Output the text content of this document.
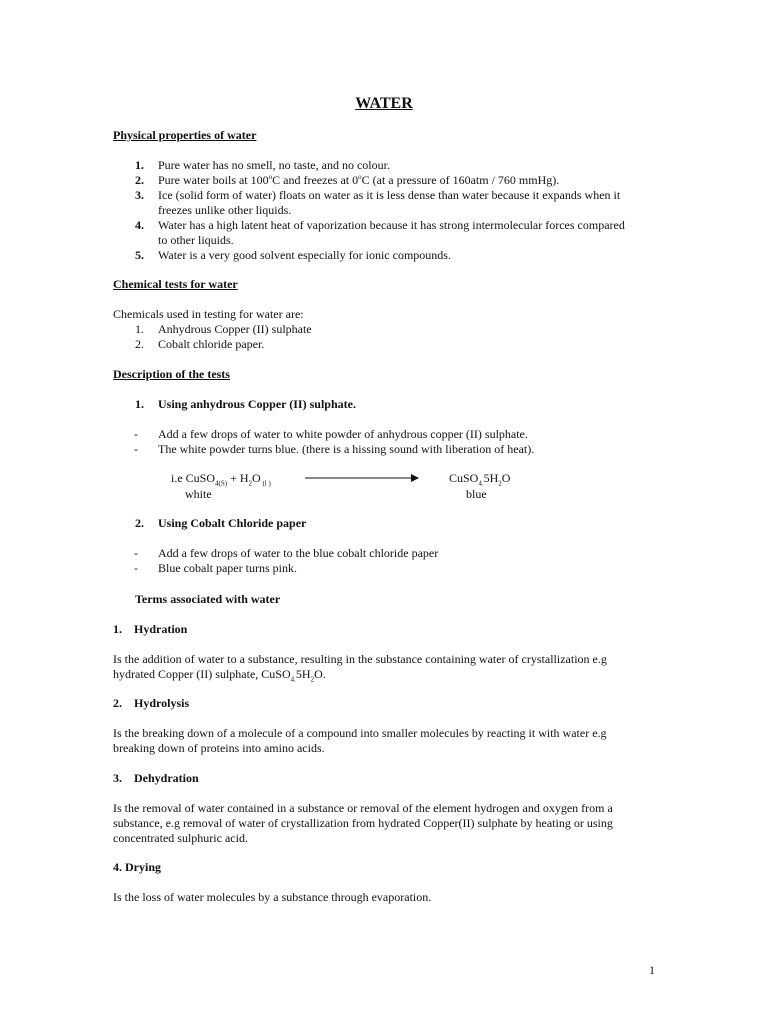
WATER
Physical properties of water
1. Pure water has no smell, no taste, and no colour.
2. Pure water boils at 100$^o$C and freezes at 0$^o$C (at a pressure of 160atm / 760 mmHg).
3. Ice (solid form of water) floats on water as it is less dense than water because it expands when it
freezes unlike other liquids.
4. Water has a high latent heat of vaporization because it has strong intermolecular forces compared
to other liquids.
5. Water is a very good solvent especially for ionic compounds.
Chemical tests for water
Chemicals used in testing for water are:
1. Anhydrous Copper (II) sulphate
2. Cobalt chloride paper.
Description of the tests
1. Using anhydrous Copper (II) sulphate.
- Add a few drops of water to white powder of anhydrous copper (II) sulphate.
- The white powder turns blue. (there is a hissing sound with liberation of heat).
i.e CuSO$_{4(S)}$ + $H_2O$ $_{(l )}$	$CuSO_{4.}5H_2O$
white	blue
2. Using Cobalt Chloride paper
- Add a few drops of water to the blue cobalt chloride paper
- Blue cobalt paper turns pink.
Terms associated with water
1.    Hydration
Is the addition of water to a substance, resulting in the substance containing water of crystallization e.g
hydrated Copper (II) sulphate, $CuSO_{4.}5H_2O$.
2.    Hydrolysis
Is the breaking down of a molecule of a compound into smaller molecules by reacting it with water e.g
breaking down of proteins into amino acids.
3.    Dehydration
Is the removal of water contained in a substance or removal of the element hydrogen and oxygen from a
substance, e.g removal of water of crystallization from hydrated Copper(II) sulphate by heating or using
concentrated sulphuric acid.
4. Drying
Is the loss of water molecules by a substance through evaporation.
1
